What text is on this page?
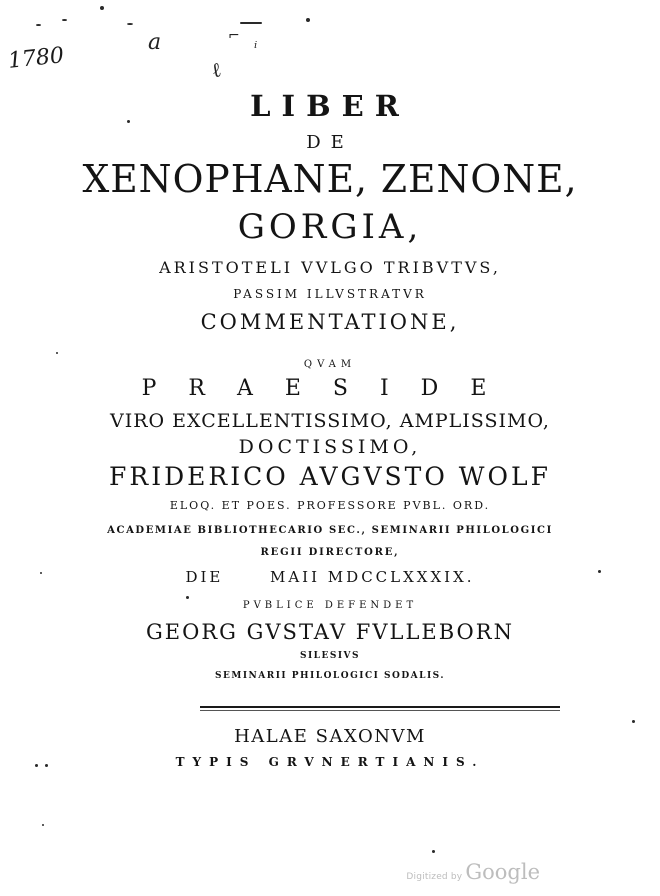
1780
a
ℓ
⌐
ⁱ
LIBER
DE
XENOPHANE, ZENONE,
GORGIA,
ARISTOTELI VVLGO TRIBVTVS,
PASSIM ILLVSTRATVR
COMMENTATIONE,
QVAM
PRAESIDE
VIRO EXCELLENTISSIMO, AMPLISSIMO,
DOCTISSIMO,
FRIDERICO AVGVSTO WOLF
ELOQ. ET POES. PROFESSORE PVBL. ORD.
ACADEMIAE BIBLIOTHECARIO SEC., SEMINARII PHILOLOGICI
REGII DIRECTORE,
DIE      MAII MDCCLXXXIX.
PVBLICE DEFENDET
GEORG GVSTAV FVLLEBORN
SILESIVS
SEMINARII PHILOLOGICI SODALIS.
HALAE SAXONVM
TYPIS GRVNERTIANIS.
Digitized by Google
